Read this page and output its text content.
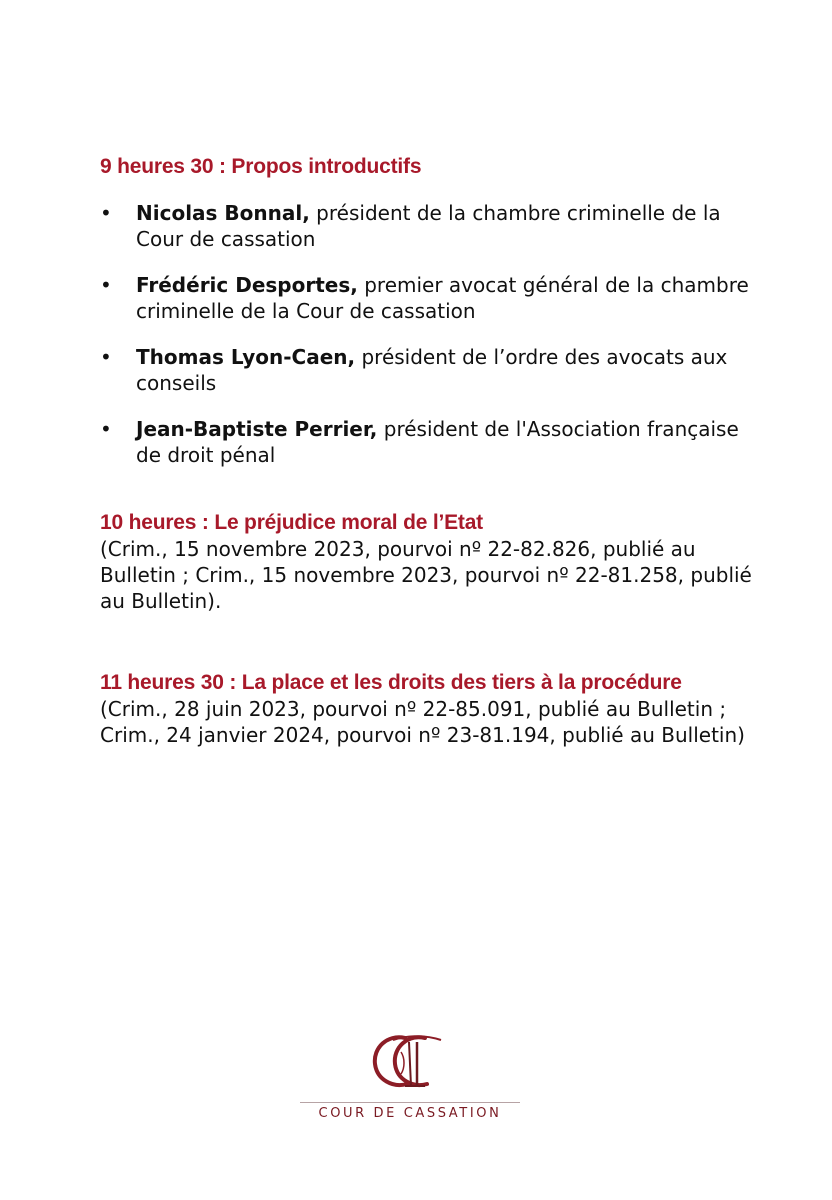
9 heures 30 : Propos introductifs
• Nicolas Bonnal, président de la chambre criminelle de la Cour de cassation
• Frédéric Desportes, premier avocat général de la chambre criminelle de la Cour de cassation
• Thomas Lyon-Caen, président de l’ordre des avocats aux conseils
• Jean-Baptiste Perrier, président de l'Association française de droit pénal
10 heures : Le préjudice moral de l’Etat

(Crim., 15 novembre 2023, pourvoi nº 22-82.826, publié au Bulletin ; Crim., 15 novembre 2023, pourvoi nº 22-81.258, publié au Bulletin).

11 heures 30 : La place et les droits des tiers à la procédure

(Crim., 28 juin 2023, pourvoi nº 22-85.091, publié au Bulletin ; Crim., 24 janvier 2024, pourvoi nº 23-81.194, publié au Bulletin)

COUR DE CASSATION
